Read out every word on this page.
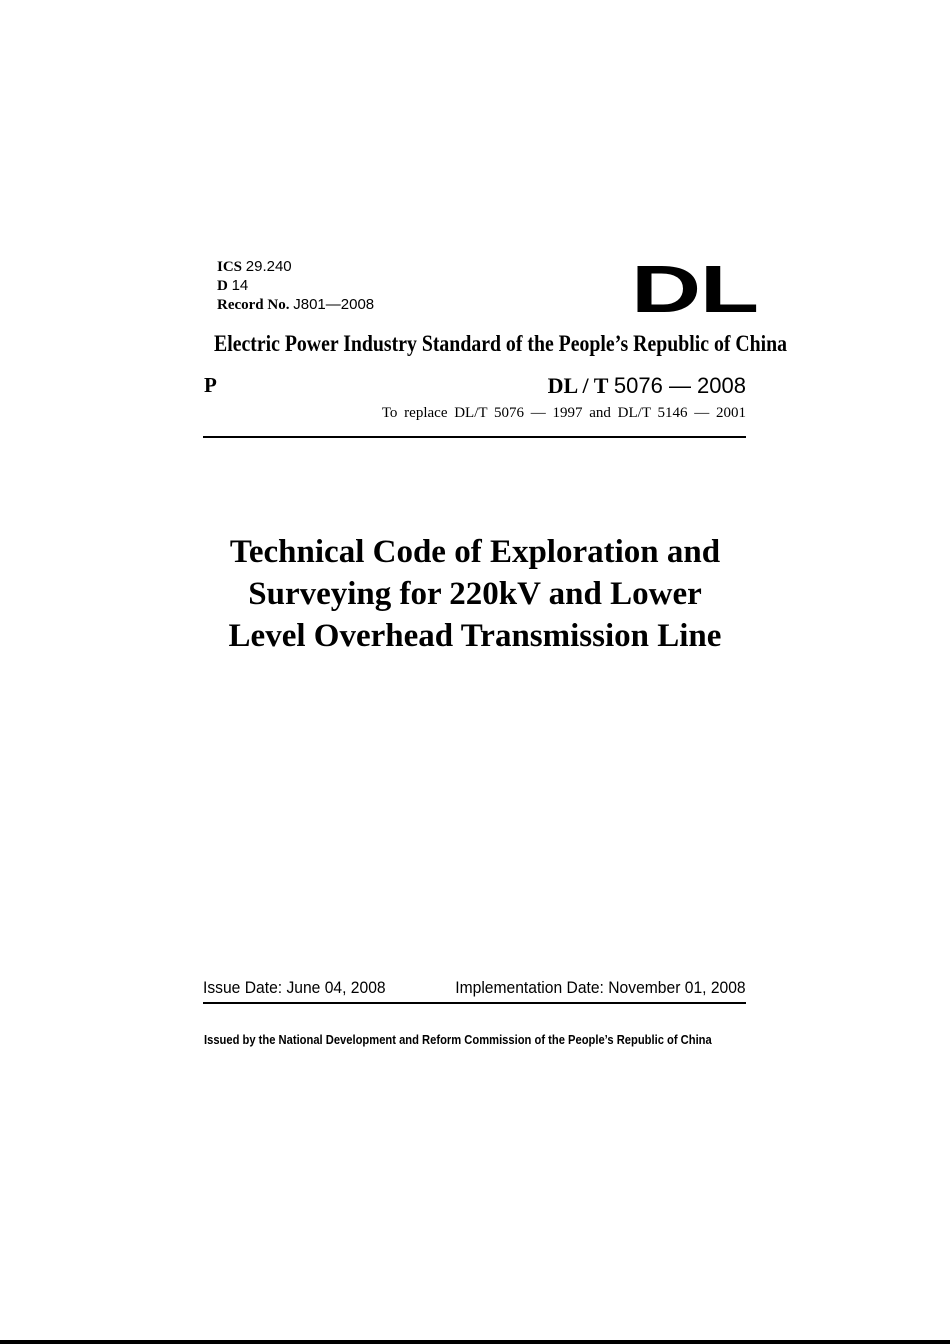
ICS 29.240
D 14
Record No. J801—2008	DL
Electric Power Industry Standard of the People’s Republic of China
P	DL / T 5076 — 2008
To replace DL/T 5076 — 1997 and DL/T 5146 — 2001
Technical Code of Exploration and
Surveying for 220kV and Lower
Level Overhead Transmission Line
Issue Date: June 04, 2008	Implementation Date: November 01, 2008
Issued by the National Development and Reform Commission of the People’s Republic of China
